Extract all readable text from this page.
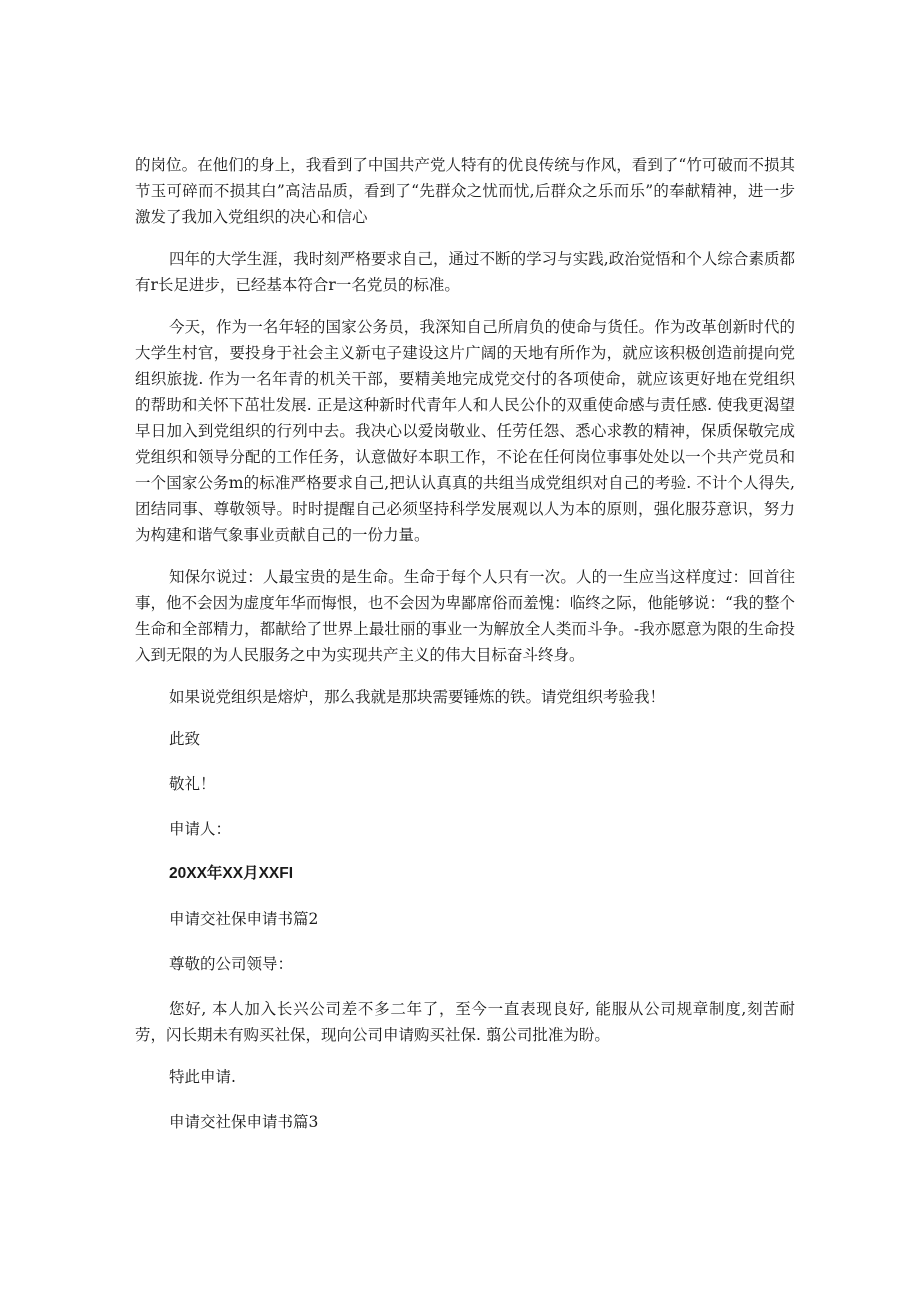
的岗位。在他们的身上，我看到了中国共产党人特有的优良传统与作风，看到了“竹可破而不损其节玉可碎而不损其白”高洁品质，看到了“先群众之忧而忧,后群众之乐而乐”的奉献精神，进一步激发了我加入党组织的决心和信心

四年的大学生涯，我时刻严格要求自己，通过不断的学习与实践,政治觉悟和个人综合素质都有r长足进步，已经基本符合r一名党员的标准。

今天，作为一名年轻的国家公务员，我深知自己所肩负的使命与货任。作为改革创新时代的大学生村官，要投身于社会主义新屯子建设这片广阔的天地有所作为，就应该积极创造前提向党组织旅拢. 作为一名年青的机关干部，要精美地完成党交付的各项使命，就应该更好地在党组织的帮助和关怀下茁壮发展. 正是这种新时代青年人和人民公仆的双重使命感与责任感. 使我更渴望早日加入到党组织的行列中去。我决心以爱岗敬业、任劳任怨、悉心求教的精神，保质保敬完成党组织和领导分配的工作任务，认意做好本职工作，不论在任何岗位事事处处以一个共产党员和一个国家公务m的标准严格要求自己,把认认真真的共组当成党组织对自己的考验. 不计个人得失, 团结同事、尊敬领导。时时提醒自己必须坚持科学发展观以人为本的原则，强化服芬意识，努力为构建和谐气象事业贡献自己的一份力量。

知保尔说过：人最宝贵的是生命。生命于每个人只有一次。人的一生应当这样度过：回首往事，他不会因为虚度年华而悔恨，也不会因为卑鄙席俗而羞愧：临终之际，他能够说：“我的整个生命和全部精力，都献给了世界上最壮丽的事业一为解放全人类而斗争。-我亦愿意为限的生命投入到无限的为人民服务之中为实现共产主义的伟大目标奋斗终身。

如果说党组织是熔炉，那么我就是那块需要锤炼的铁。请党组织考验我！

此致

敬礼！

申请人：

20XX年XX月XXFI

申请交社保申请书篇2

尊敬的公司领导：

您好, 本人加入长兴公司差不多二年了，至今一直表现良好, 能服从公司规章制度,刻苦耐劳，闪长期未有购买社保，现向公司申请购买社保. 翦公司批准为盼。

特此申请.

申请交社保申请书篇3
